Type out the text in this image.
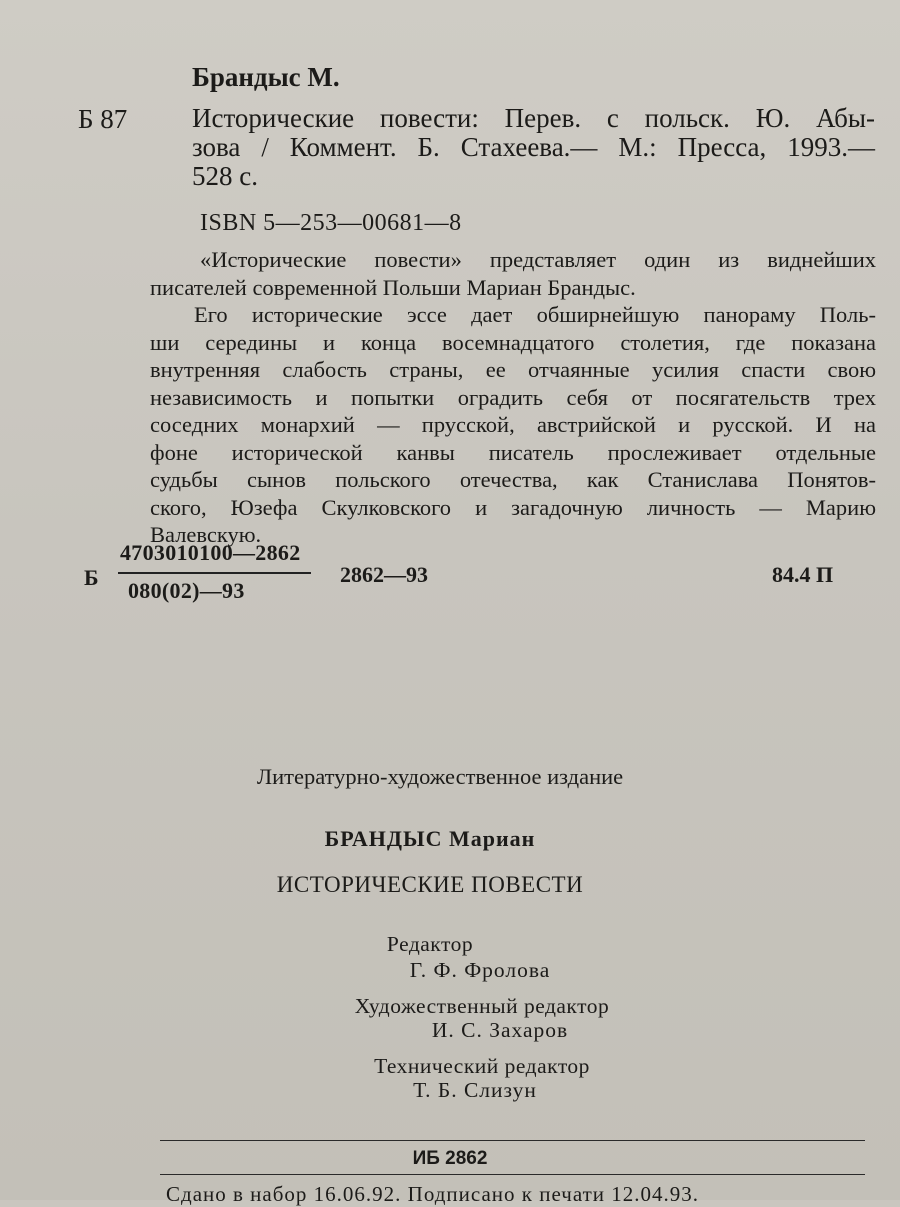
Брандыс М.
Б 87 Исторические повести: Перев. с польск. Ю. Абы-
зова / Коммент. Б. Стахеева.— М.: Пресса, 1993.—
528 с.
ISBN 5—253—00681—8
«Исторические повести» представляет один из виднейших
писателей современной Польши Мариан Брандыс.
Его исторические эссе дает обширнейшую панораму Поль-
ши середины и конца восемнадцатого столетия, где показана
внутренняя слабость страны, ее отчаянные усилия спасти свою
независимость и попытки оградить себя от посягательств трех
соседних монархий — прусской, австрийской и русской. И на
фоне исторической канвы писатель прослеживает отдельные
судьбы сынов польского отечества, как Станислава Понятов-
ского, Юзефа Скулковского и загадочную личность — Марию
Валевскую.
Б
4703010100—2862
080(02)—93
2862—93	84.4 П
Литературно-художественное издание
БРАНДЫС Мариан
ИСТОРИЧЕСКИЕ ПОВЕСТИ
Редактор
Г. Ф. Фролова
Художественный редактор
И. С. Захаров
Технический редактор
Т. Б. Слизун
ИБ 2862
Сдано в набор 16.06.92. Подписано к печати 12.04.93.
